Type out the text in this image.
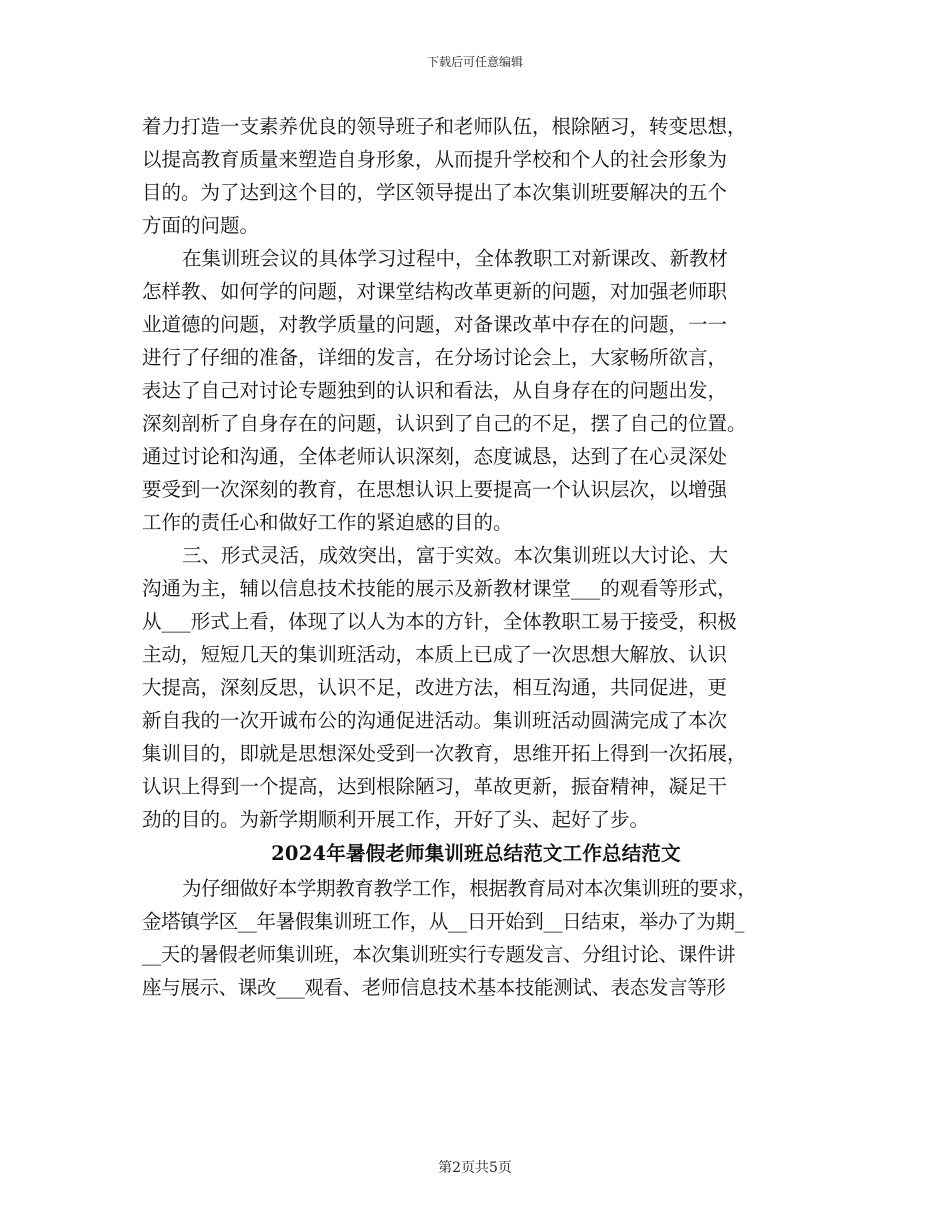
下载后可任意编辑
着力打造一支素养优良的领导班子和老师队伍，根除陋习，转变思想，
以提高教育质量来塑造自身形象，从而提升学校和个人的社会形象为
目的。为了达到这个目的，学区领导提出了本次集训班要解决的五个
方面的问题。
在集训班会议的具体学习过程中，全体教职工对新课改、新教材
怎样教、如何学的问题，对课堂结构改革更新的问题，对加强老师职
业道德的问题，对教学质量的问题，对备课改革中存在的问题，一一
进行了仔细的准备，详细的发言，在分场讨论会上，大家畅所欲言，
表达了自己对讨论专题独到的认识和看法，从自身存在的问题出发，
深刻剖析了自身存在的问题，认识到了自己的不足，摆了自己的位置。
通过讨论和沟通，全体老师认识深刻，态度诚恳，达到了在心灵深处
要受到一次深刻的教育，在思想认识上要提高一个认识层次，以增强
工作的责任心和做好工作的紧迫感的目的。
三、形式灵活，成效突出，富于实效。本次集训班以大讨论、大
沟通为主，辅以信息技术技能的展示及新教材课堂___的观看等形式，
从___形式上看，体现了以人为本的方针，全体教职工易于接受，积极
主动，短短几天的集训班活动，本质上已成了一次思想大解放、认识
大提高，深刻反思，认识不足，改进方法，相互沟通，共同促进，更
新自我的一次开诚布公的沟通促进活动。集训班活动圆满完成了本次
集训目的，即就是思想深处受到一次教育，思维开拓上得到一次拓展，
认识上得到一个提高，达到根除陋习，革故更新，振奋精神，凝足干
劲的目的。为新学期顺利开展工作，开好了头、起好了步。
2024年暑假老师集训班总结范文工作总结范文
为仔细做好本学期教育教学工作，根据教育局对本次集训班的要求，
金塔镇学区__年暑假集训班工作，从__日开始到__日结束，举办了为期_
__天的暑假老师集训班，本次集训班实行专题发言、分组讨论、课件讲
座与展示、课改___观看、老师信息技术基本技能测试、表态发言等形
第2页共5页
